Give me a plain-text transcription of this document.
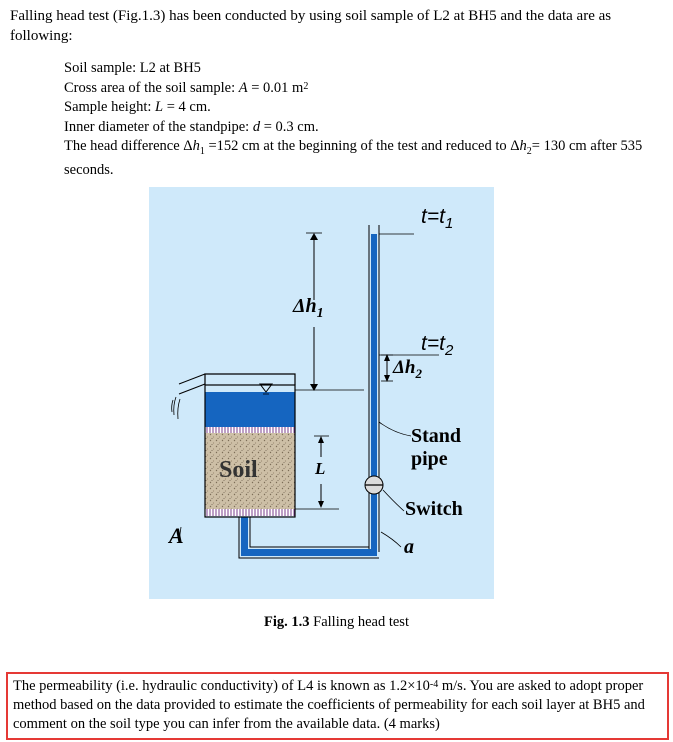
Falling head test (Fig.1.3) has been conducted by using soil sample of L2 at BH5 and the data are as following:
Soil sample: L2 at BH5
Cross area of the soil sample: A = 0.01 $m^2$
Sample height: L = 4 cm.
Inner diameter of the standpipe: d = 0.3 cm.
The head difference $\Delta h_1 =152$ cm at the beginning of the test and reduced to $\Delta h_2= 130$ cm after 535 seconds.
$t=t_1$
$\Delta h_1$
$t=t_2$
$\Delta h_2$
Stand pipe
L
Soil
Switch
A	a
Fig. 1.3 Falling head test
The permeability (i.e. hydraulic conductivity) of L4 is known as $1.2\times 10^{-4}$ m/s. You are asked to adopt proper method based on the data provided to estimate the coefficients of permeability for each soil layer at BH5 and comment on the soil type you can infer from the available data. (4 marks)
